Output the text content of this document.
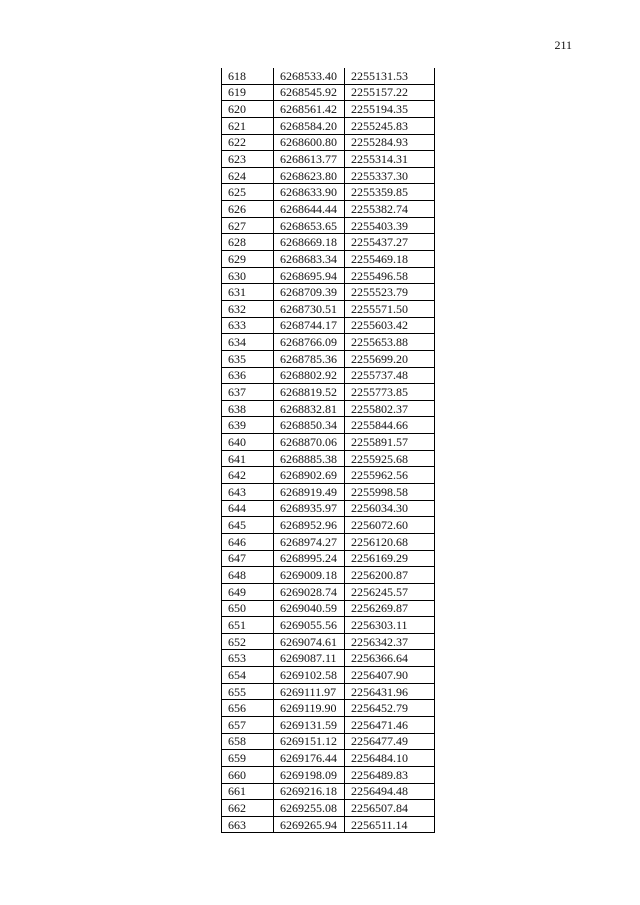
211
618	6268533.40	2255131.53
619	6268545.92	2255157.22
620	6268561.42	2255194.35
621	6268584.20	2255245.83
622	6268600.80	2255284.93
623	6268613.77	2255314.31
624	6268623.80	2255337.30
625	6268633.90	2255359.85
626	6268644.44	2255382.74
627	6268653.65	2255403.39
628	6268669.18	2255437.27
629	6268683.34	2255469.18
630	6268695.94	2255496.58
631	6268709.39	2255523.79
632	6268730.51	2255571.50
633	6268744.17	2255603.42
634	6268766.09	2255653.88
635	6268785.36	2255699.20
636	6268802.92	2255737.48
637	6268819.52	2255773.85
638	6268832.81	2255802.37
639	6268850.34	2255844.66
640	6268870.06	2255891.57
641	6268885.38	2255925.68
642	6268902.69	2255962.56
643	6268919.49	2255998.58
644	6268935.97	2256034.30
645	6268952.96	2256072.60
646	6268974.27	2256120.68
647	6268995.24	2256169.29
648	6269009.18	2256200.87
649	6269028.74	2256245.57
650	6269040.59	2256269.87
651	6269055.56	2256303.11
652	6269074.61	2256342.37
653	6269087.11	2256366.64
654	6269102.58	2256407.90
655	6269111.97	2256431.96
656	6269119.90	2256452.79
657	6269131.59	2256471.46
658	6269151.12	2256477.49
659	6269176.44	2256484.10
660	6269198.09	2256489.83
661	6269216.18	2256494.48
662	6269255.08	2256507.84
663	6269265.94	2256511.14
